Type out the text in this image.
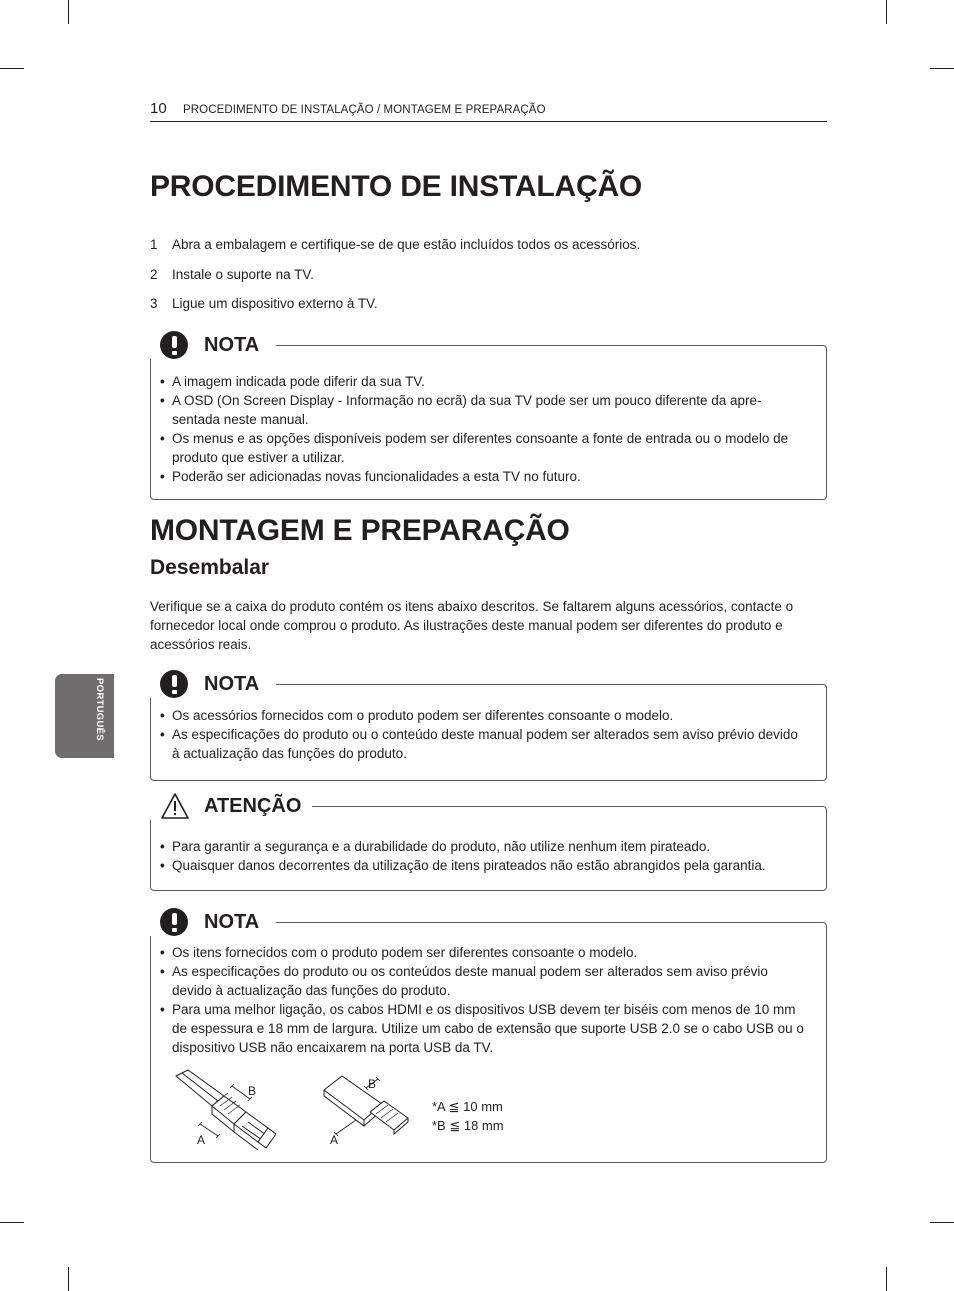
10 PROCEDIMENTO DE INSTALAÇÃO / MONTAGEM E PREPARAÇÃO
PORTUGUÊS
PROCEDIMENTO DE INSTALAÇÃO
1	Abra a embalagem e certifique-se de que estão incluídos todos os acessórios.
2	Instale o suporte na TV.
3	Ligue um dispositivo externo à TV.
NOTA
• A imagem indicada pode diferir da sua TV.
• A OSD (On Screen Display - Informação no ecrã) da sua TV pode ser um pouco diferente da apre-sentada neste manual.
• Os menus e as opções disponíveis podem ser diferentes consoante a fonte de entrada ou o modelo de produto que estiver a utilizar.
• Poderão ser adicionadas novas funcionalidades a esta TV no futuro.
MONTAGEM E PREPARAÇÃO
Desembalar

Verifique se a caixa do produto contém os itens abaixo descritos. Se faltarem alguns acessórios, contacte o fornecedor local onde comprou o produto. As ilustrações deste manual podem ser diferentes do produto e acessórios reais.

NOTA
• Os acessórios fornecidos com o produto podem ser diferentes consoante o modelo.
• As especificações do produto ou o conteúdo deste manual podem ser alterados sem aviso prévio devido à actualização das funções do produto.
ATENÇÃO
• Para garantir a segurança e a durabilidade do produto, não utilize nenhum item pirateado.
• Quaisquer danos decorrentes da utilização de itens pirateados não estão abrangidos pela garantia.
NOTA
• Os itens fornecidos com o produto podem ser diferentes consoante o modelo.
• As especificações do produto ou os conteúdos deste manual podem ser alterados sem aviso prévio devido à actualização das funções do produto.
• Para uma melhor ligação, os cabos HDMI e os dispositivos USB devem ter biséis com menos de 10 mm de espessura e 18 mm de largura. Utilize um cabo de extensão que suporte USB 2.0 se o cabo USB ou o dispositivo USB não encaixarem na porta USB da TV.
B
A
B
A
*A ≦ 10 mm
*B ≦ 18 mm
